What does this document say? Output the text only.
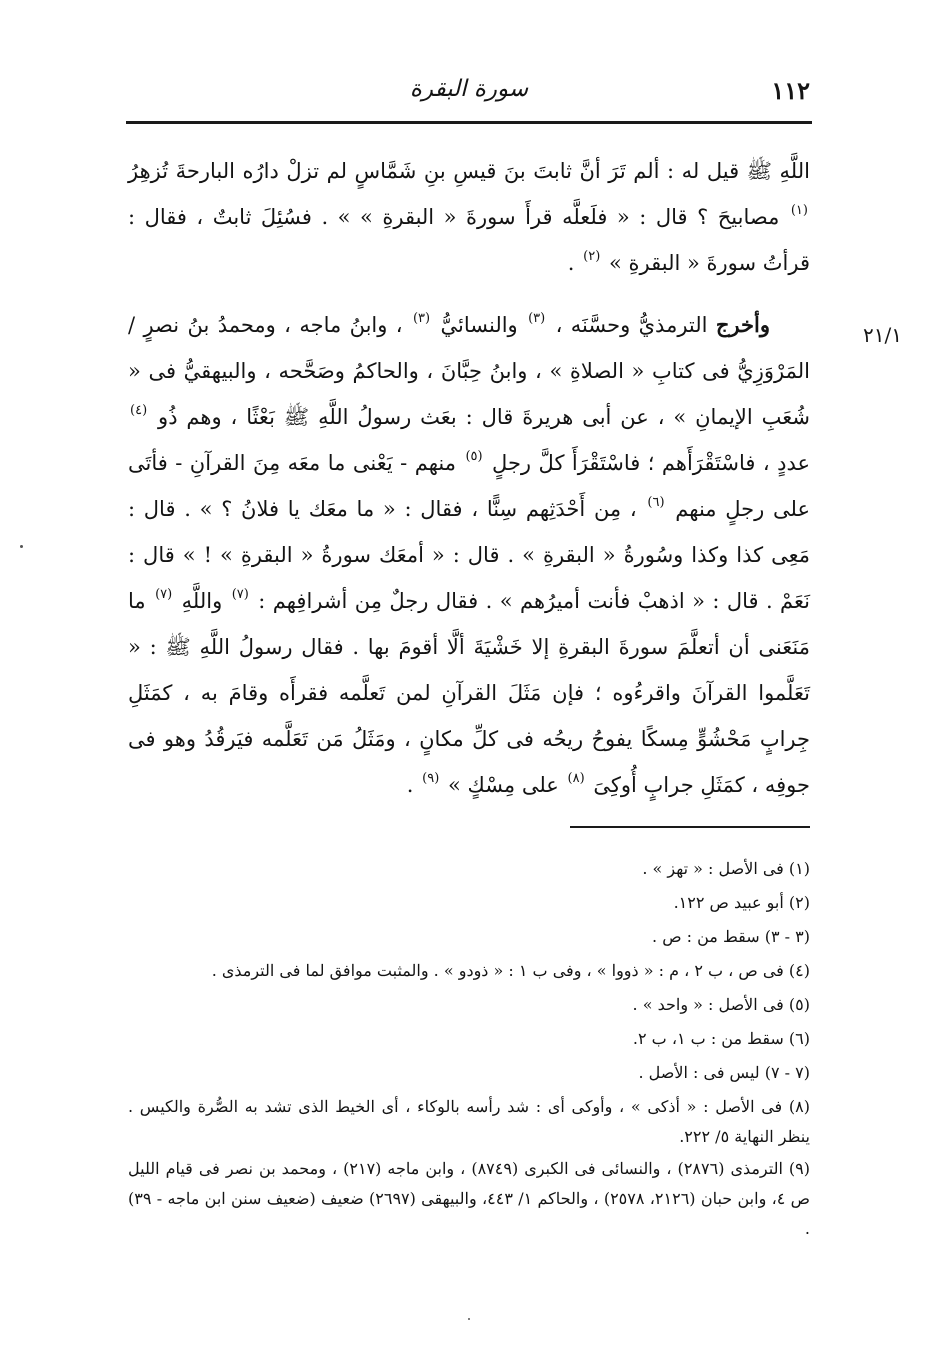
١١٢
سورة البقرة
٢١/١

اللَّهِ ﷺ قيل له : ألم تَرَ أنَّ ثابتَ بنَ قيسِ بنِ شَمَّاسٍ لم تزلْ دارُه البارحةَ تُزهِرُ $^{(١)}$ مصابيحَ ؟ قال : « فلَعلَّه قرأَ سورةَ « البقرةِ » » . فسُئِلَ ثابتٌ ، فقال : قرأتُ سورةَ « البقرةِ » $^{(٢)}$ .

وأخرج الترمذيُّ وحسَّنَه ، $^{(٣)}$ والنسائيُّ $^{(٣)}$ ، وابنُ ماجه ، ومحمدُ بنُ نصرٍ /المَرْوَزِيُّ فى كتابِ « الصلاةِ » ، وابنُ حِبَّانَ ، والحاكمُ وصَحَّحه ، والبيهقيُّ فى « شُعَبِ الإيمانِ » ، عن أبى هريرةَ قال : بعَث رسولُ اللَّهِ ﷺ بَعْثًا ، وهم ذُو $^{(٤)}$ عددٍ ، فاسْتَقْرَأَهم ؛ فاسْتَقْرَأَ كلَّ رجلٍ $^{(٥)}$ منهم - يَعْنى ما معَه مِنَ القرآنِ - فأتَى على رجلٍ منهم $^{(٦)}$ ، مِن أَحْدَثِهم سِنًّا ، فقال : « ما معَك يا فلانُ ؟ » . قال : مَعِى كذا وكذا وسُورةُ « البقرةِ » . قال : « أمعَك سورةُ « البقرةِ » ! » قال : نَعَمْ . قال : « اذهبْ فأنت أميرُهم » . فقال رجلٌ مِن أشرافِهم : $^{(٧)}$ واللَّهِ $^{(٧)}$ ما مَنَعَنى أن أتعلَّمَ سورةَ البقرةِ إلا خَشْيَةَ ألَّا أقومَ بها . فقال رسولُ اللَّهِ ﷺ : « تَعَلَّموا القرآنَ واقرءُوه ؛ فإن مَثَلَ القرآنِ لمن تَعلَّمه فقرأَه وقامَ به ، كمَثَلِ جِرابٍ مَحْشُوٍّ مِسكًا يفوحُ ريحُه فى كلِّ مكانٍ ، ومَثَلُ مَن تَعَلَّمه فيَرقُدُ وهو فى جوفِه ، كمَثَلِ جرابٍ أُوكِىَ $^{(٨)}$ على مِسْكٍ » $^{(٩)}$ .

(١) فى الأصل : « تهز » .

(٢) أبو عبيد ص ١٢٢.

(٣ - ٣) سقط من : ص .

(٤) فى ص ، ب ٢ ، م : « ذووا » ، وفى ب ١ : « ذودو » . والمثبت موافق لما فى الترمذى .

(٥) فى الأصل : « واحد » .

(٦) سقط من : ب ١، ب ٢.

(٧ - ٧) ليس فى : الأصل .

(٨) فى الأصل : « أذكى » ، وأوكى أى : شد رأسه بالوكاء ، أى الخيط الذى تشد به الصُّرة والكيس . ينظر النهاية ٥/ ٢٢٢.

(٩) الترمذى (٢٨٧٦) ، والنسائى فى الكبرى (٨٧٤٩) ، وابن ماجه (٢١٧) ، ومحمد بن نصر فى قيام الليل ص ٤، وابن حبان (٢١٢٦، ٢٥٧٨) ، والحاكم ١/ ٤٤٣، والبيهقى (٢٦٩٧) ضعيف (ضعيف سنن ابن ماجه - ٣٩) .
